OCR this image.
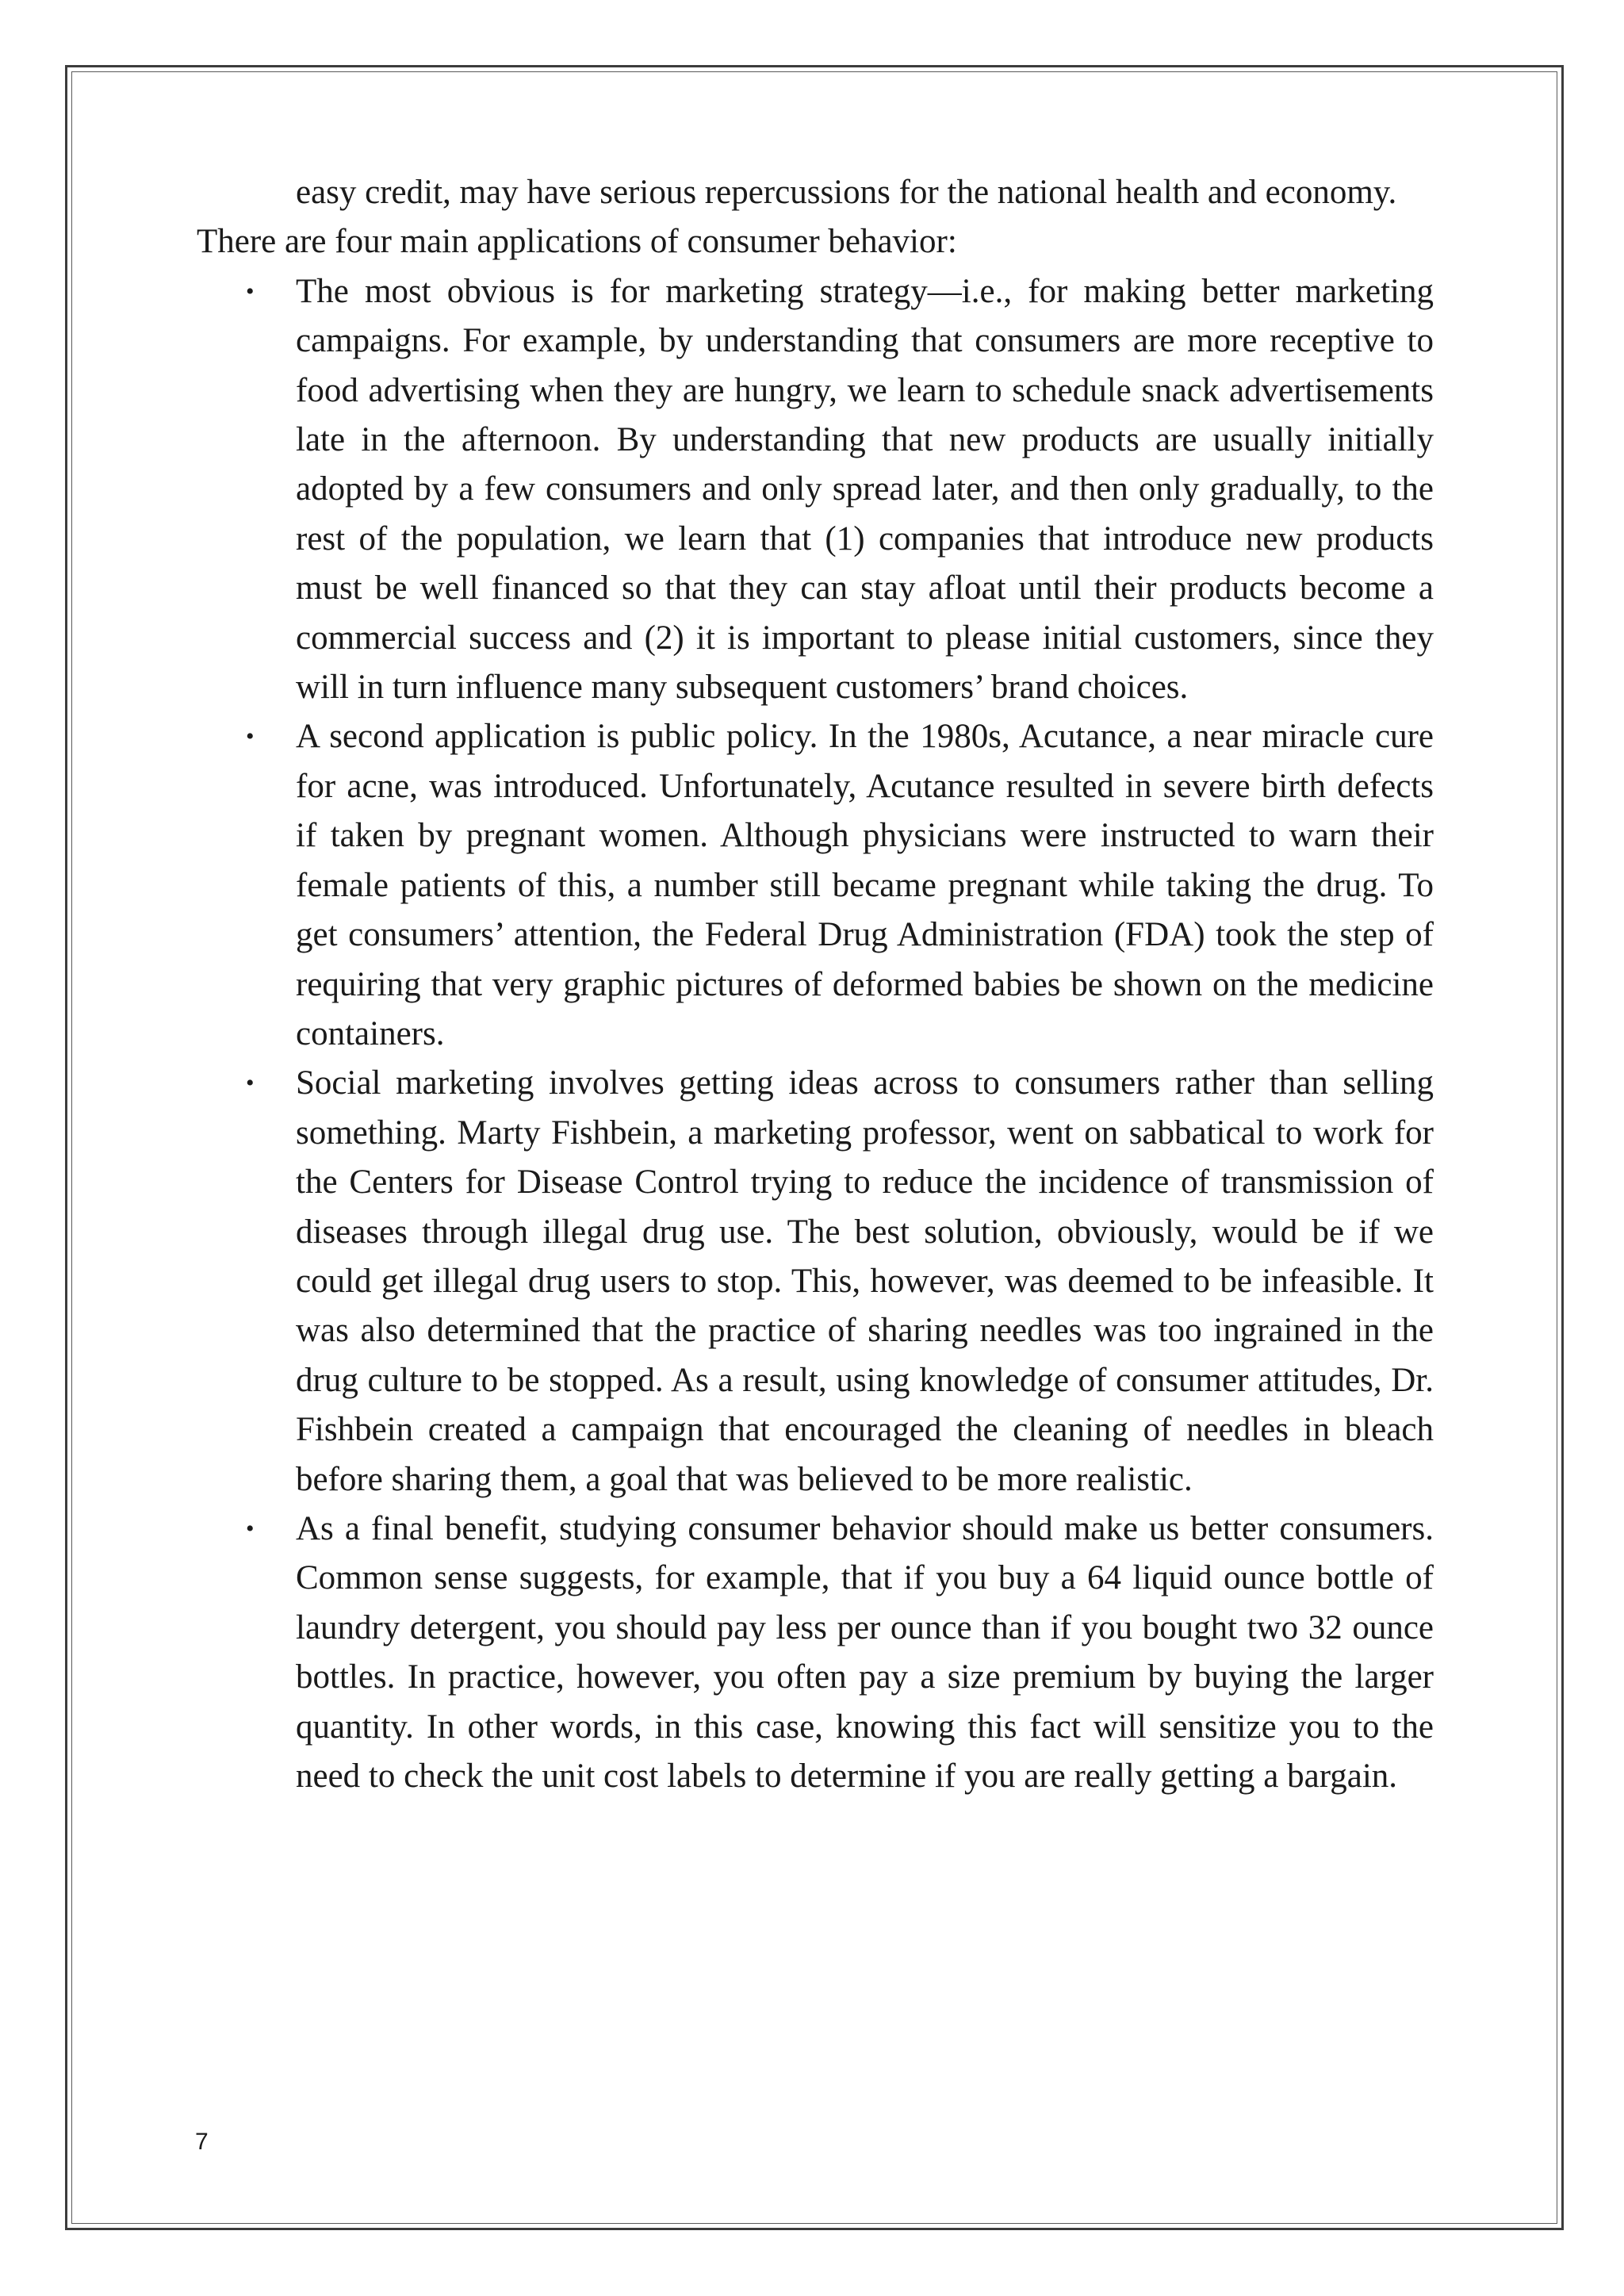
easy credit, may have serious repercussions for the national health and economy.

There are four main applications of consumer behavior:

• The most obvious is for marketing strategy—i.e., for making better marketing campaigns. For example, by understanding that consumers are more receptive to food advertising when they are hungry, we learn to schedule snack advertisements late in the afternoon. By understanding that new products are usually initially adopted by a few consumers and only spread later, and then only gradually, to the rest of the population, we learn that (1) companies that introduce new products must be well financed so that they can stay afloat until their products become a commercial success and (2) it is important to please initial customers, since they will in turn influence many subsequent customers’ brand choices.
• A second application is public policy. In the 1980s, Acutance, a near miracle cure for acne, was introduced. Unfortunately, Acutance resulted in severe birth defects if taken by pregnant women. Although physicians were instructed to warn their female patients of this, a number still became pregnant while taking the drug. To get consumers’ attention, the Federal Drug Administration (FDA) took the step of requiring that very graphic pictures of deformed babies be shown on the medicine containers.
• Social marketing involves getting ideas across to consumers rather than selling something. Marty Fishbein, a marketing professor, went on sabbatical to work for the Centers for Disease Control trying to reduce the incidence of transmission of diseases through illegal drug use. The best solution, obviously, would be if we could get illegal drug users to stop. This, however, was deemed to be infeasible. It was also determined that the practice of sharing needles was too ingrained in the drug culture to be stopped. As a result, using knowledge of consumer attitudes, Dr. Fishbein created a campaign that encouraged the cleaning of needles in bleach before sharing them, a goal that was believed to be more realistic.
• As a final benefit, studying consumer behavior should make us better consumers. Common sense suggests, for example, that if you buy a 64 liquid ounce bottle of laundry detergent, you should pay less per ounce than if you bought two 32 ounce bottles. In practice, however, you often pay a size premium by buying the larger quantity. In other words, in this case, knowing this fact will sensitize you to the need to check the unit cost labels to determine if you are really getting a bargain.
7
